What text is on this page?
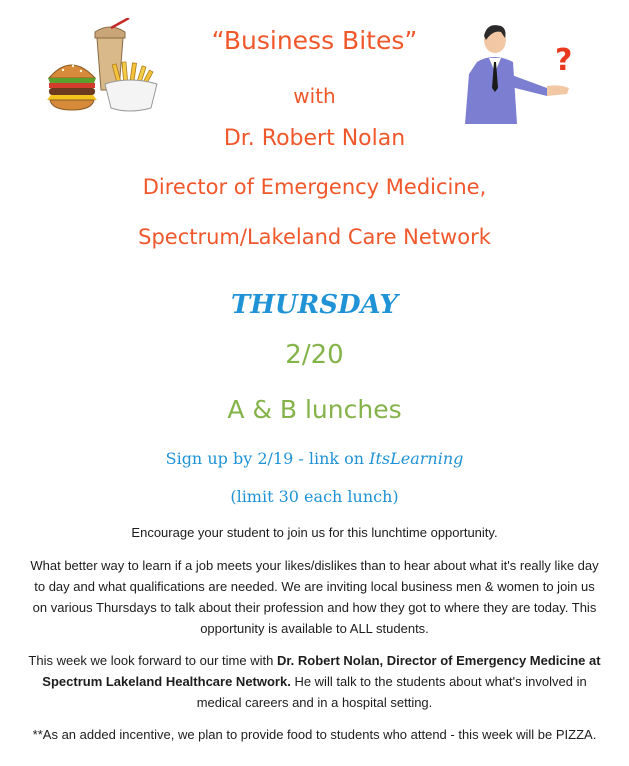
?
“Business Bites”
with
Dr. Robert Nolan
Director of Emergency Medicine,
Spectrum/Lakeland Care Network
THURSDAY
2/20
A & B lunches
Sign up by 2/19 - link on ItsLearning
(limit 30 each lunch)
Encourage your student to join us for this lunchtime opportunity.
What better way to learn if a job meets your likes/dislikes than to hear about what it's really like day to day and what qualifications are needed. We are inviting local business men & women to join us on various Thursdays to talk about their profession and how they got to where they are today. This opportunity is available to ALL students.
This week we look forward to our time with Dr. Robert Nolan, Director of Emergency Medicine at Spectrum Lakeland Healthcare Network. He will talk to the students about what's involved in medical careers and in a hospital setting.
**As an added incentive, we plan to provide food to students who attend - this week will be PIZZA.
